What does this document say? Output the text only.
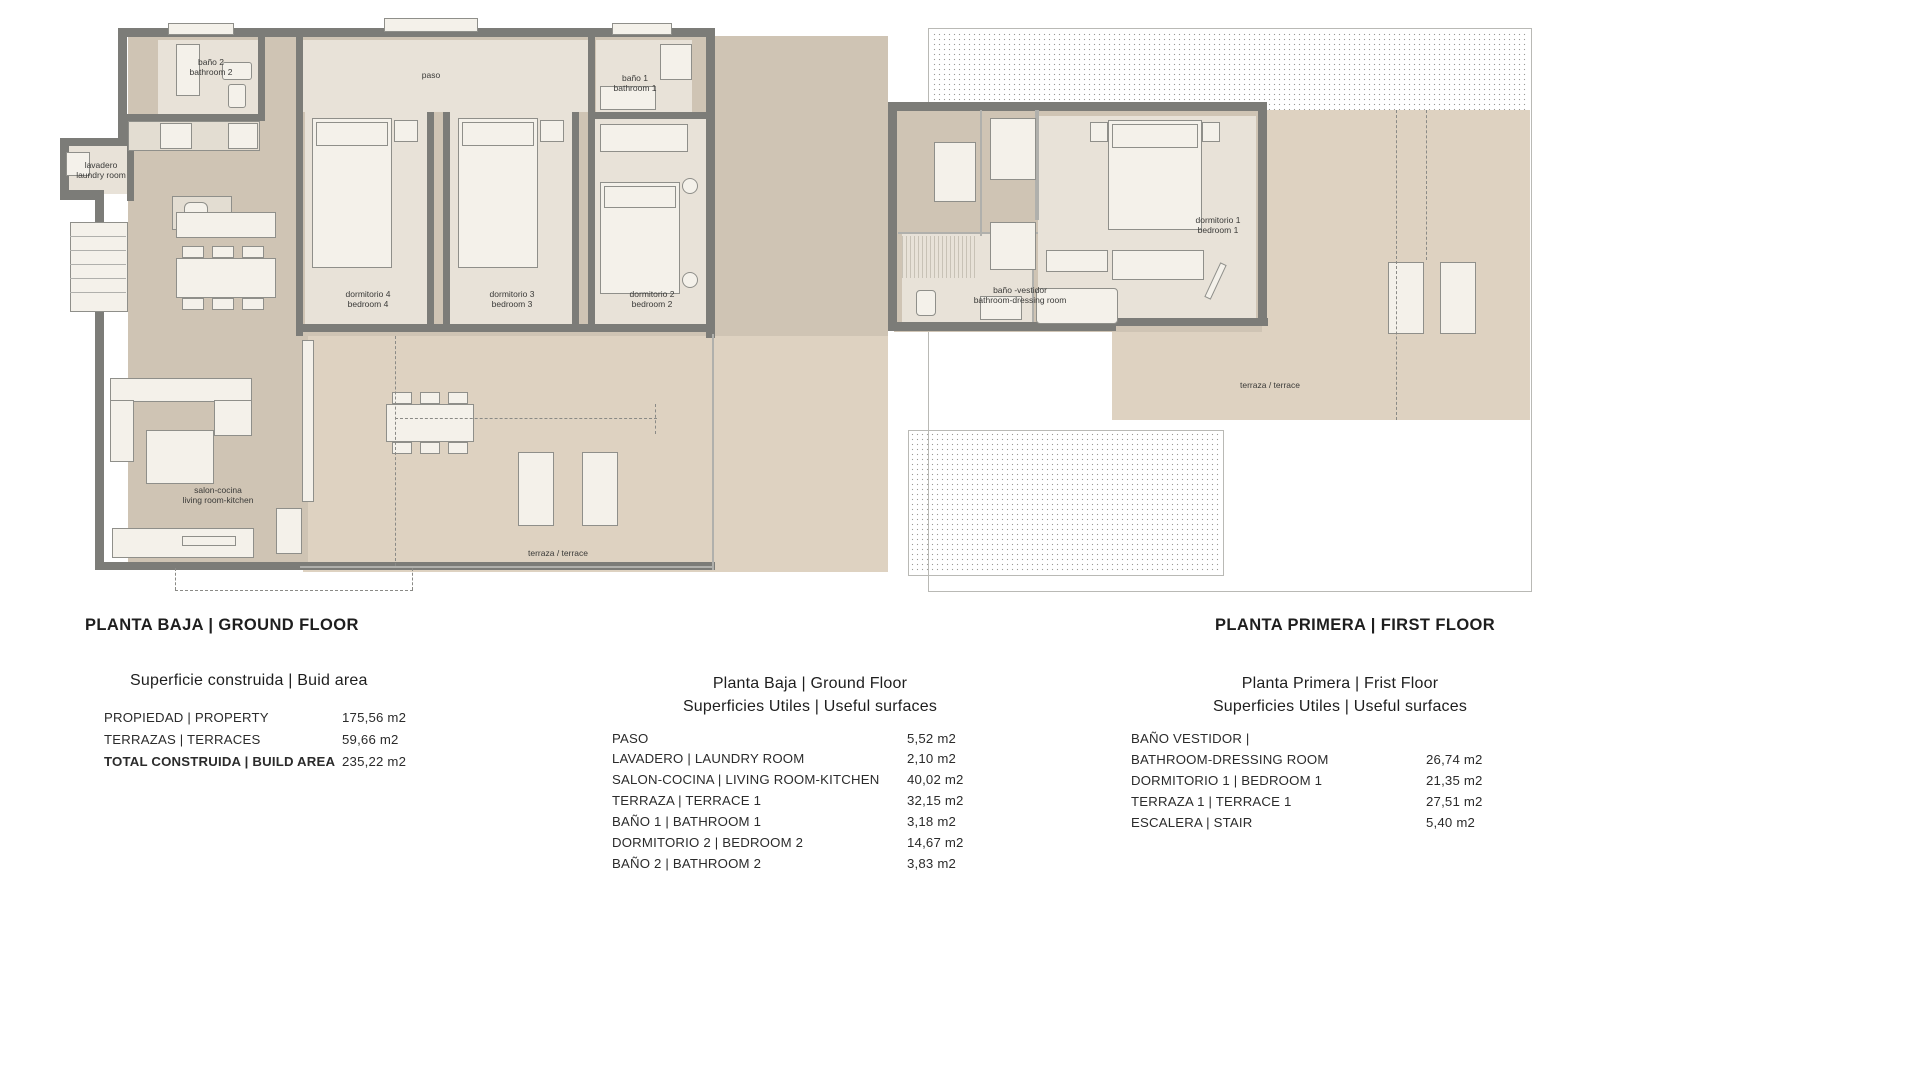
baño 2
bathroom 2
lavadero
laundry room
paso	baño 1
bathroom 1
dormitorio 4
bedroom 4
dormitorio 3
bedroom 3
dormitorio 2
bedroom 2
salon-cocina
living room-kitchen
terraza / terrace
PLANTA BAJA | GROUND FLOOR
dormitorio 1
bedroom 1
baño -vestidor
bathroom-dressing room
terraza / terrace
PLANTA PRIMERA | FIRST FLOOR
Superficie construida | Buid area
PROPIEDAD | PROPERTY	175,56 m2
TERRAZAS | TERRACES	59,66 m2
TOTAL CONSTRUIDA | BUILD AREA 235,22 m2
Planta Baja | Ground Floor
Superficies Utiles | Useful surfaces
PASO	5,52 m2
LAVADERO | LAUNDRY ROOM	2,10 m2
SALON-COCINA | LIVING ROOM-KITCHEN 40,02 m2
TERRAZA | TERRACE 1	32,15 m2
BAÑO 1 | BATHROOM 1	3,18 m2
DORMITORIO 2 | BEDROOM 2	14,67 m2
BAÑO 2 | BATHROOM 2	3,83 m2
Planta Primera | Frist Floor
Superficies Utiles | Useful surfaces
BAÑO VESTIDOR |
BATHROOM-DRESSING ROOM	26,74 m2
DORMITORIO 1 | BEDROOM 1	21,35 m2
TERRAZA 1 | TERRACE 1	27,51 m2
ESCALERA | STAIR	5,40 m2
